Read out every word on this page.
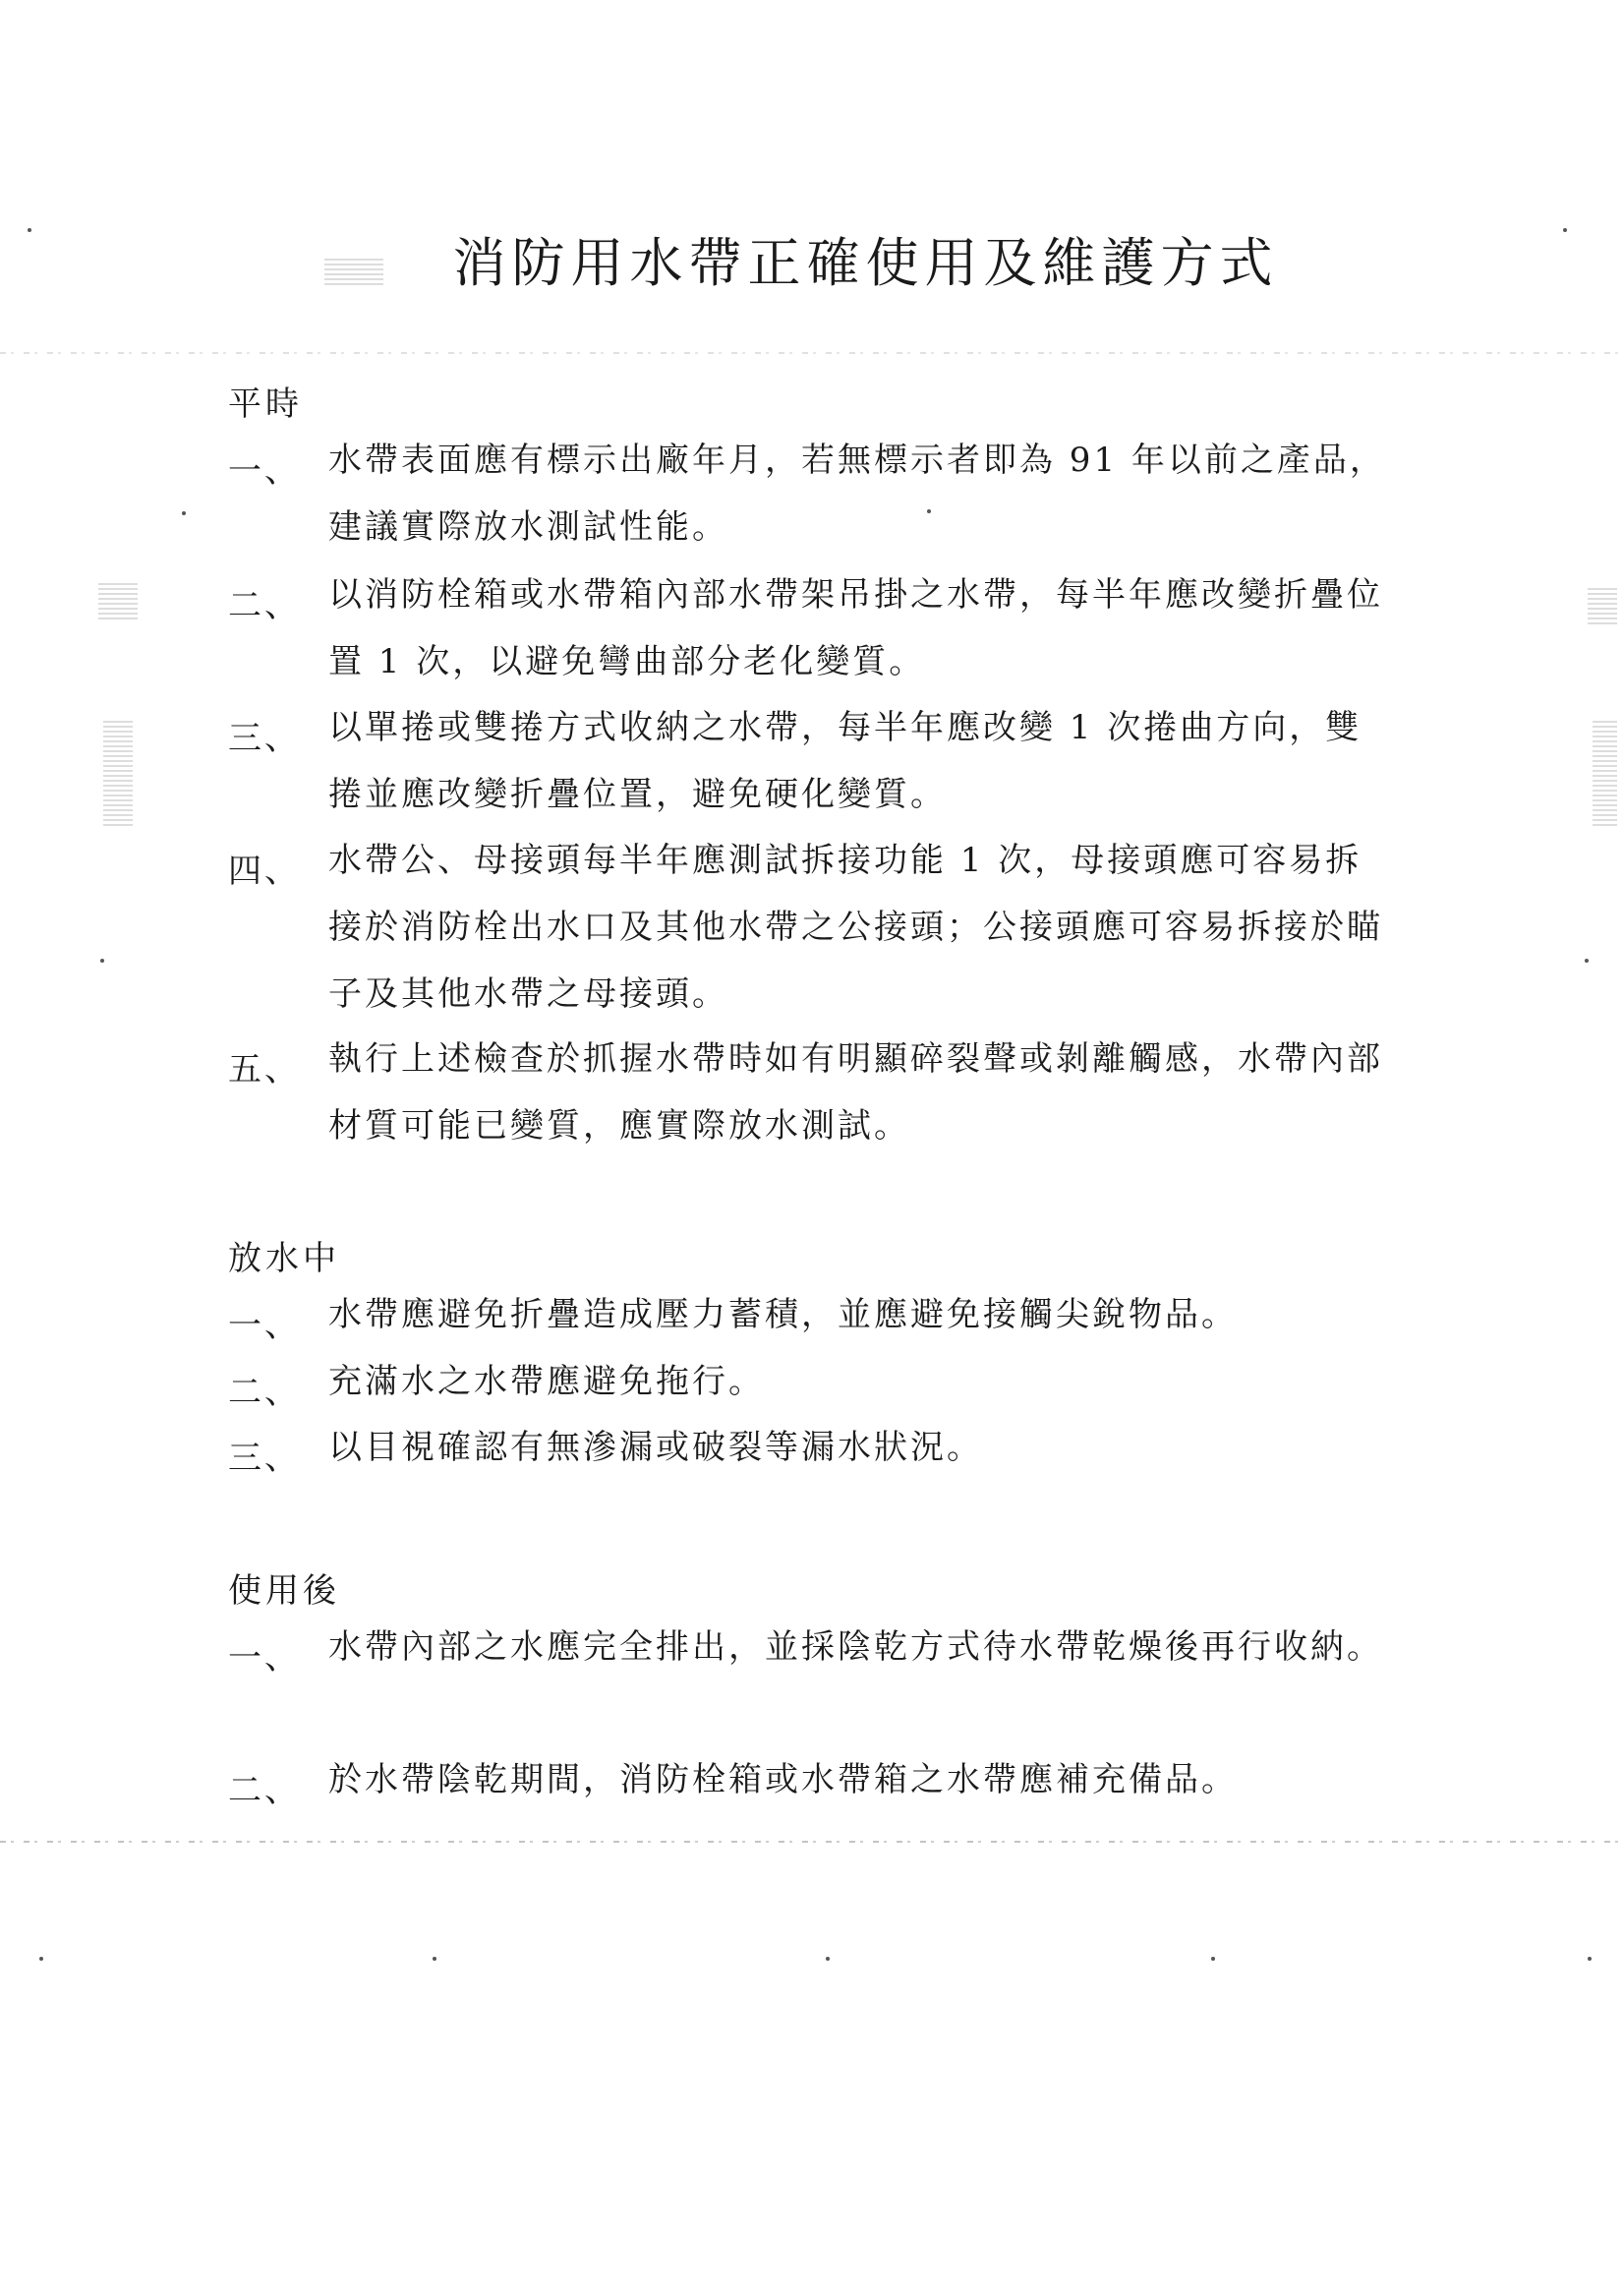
消防用水帶正確使用及維護方式
平時
一、 水帶表面應有標示出廠年月，若無標示者即為 91 年以前之產品，建議實際放水測試性能。
二、 以消防栓箱或水帶箱內部水帶架吊掛之水帶，每半年應改變折疊位置 1 次，以避免彎曲部分老化變質。
三、 以單捲或雙捲方式收納之水帶，每半年應改變 1 次捲曲方向，雙捲並應改變折疊位置，避免硬化變質。
四、 水帶公、母接頭每半年應測試拆接功能 1 次，母接頭應可容易拆接於消防栓出水口及其他水帶之公接頭；公接頭應可容易拆接於瞄子及其他水帶之母接頭。
五、 執行上述檢查於抓握水帶時如有明顯碎裂聲或剝離觸感，水帶內部材質可能已變質，應實際放水測試。
放水中
一、 水帶應避免折疊造成壓力蓄積，並應避免接觸尖銳物品。
二、 充滿水之水帶應避免拖行。
三、 以目視確認有無滲漏或破裂等漏水狀況。
使用後
一、 水帶內部之水應完全排出，並採陰乾方式待水帶乾燥後再行收納。
二、 於水帶陰乾期間，消防栓箱或水帶箱之水帶應補充備品。
